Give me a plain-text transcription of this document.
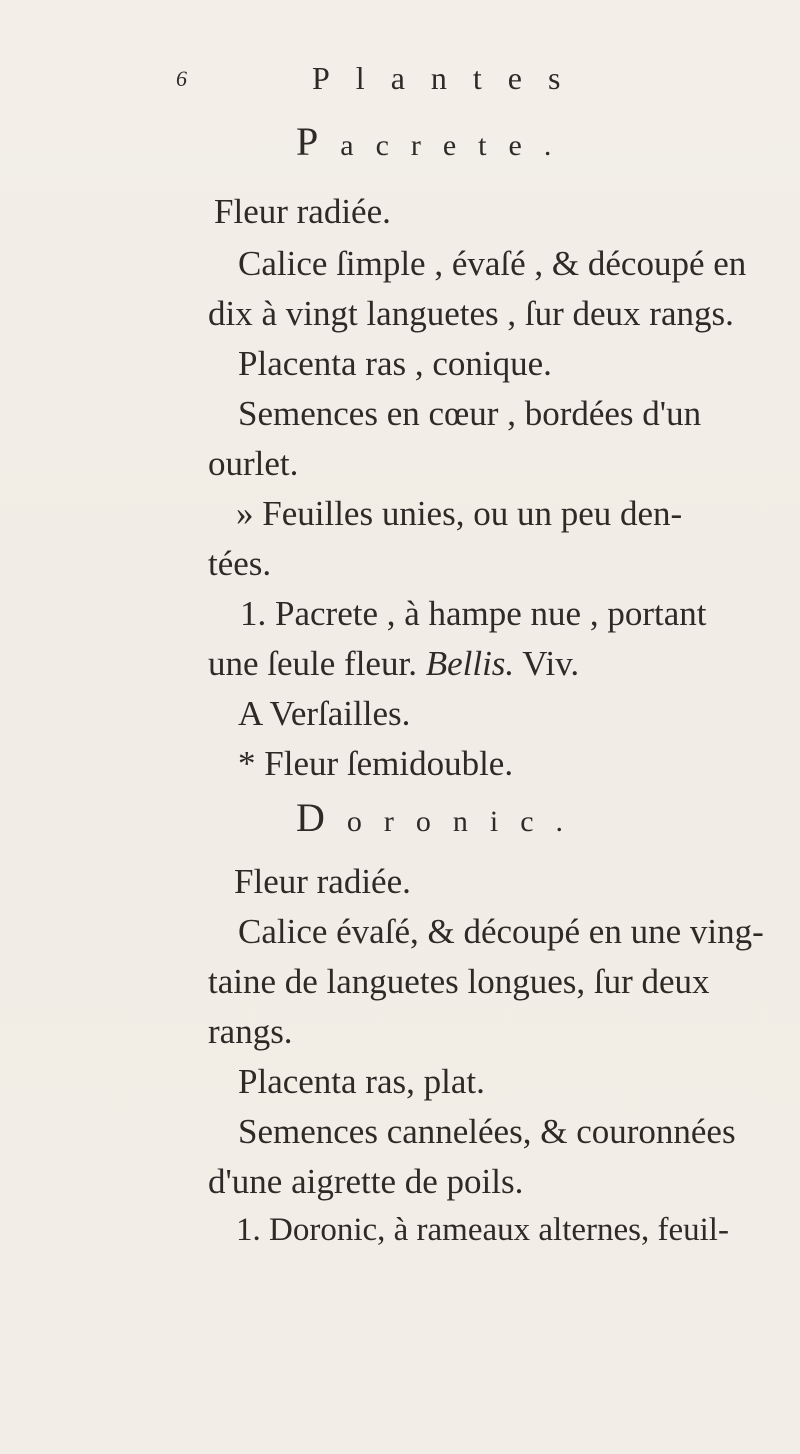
6	Plantes
Pacrete.
Fleur radiée.
Calice ſimple , évaſé , & découpé en
dix à vingt languetes , ſur deux rangs.
Placenta ras , conique.
Semences en cœur , bordées d'un
ourlet.
» Feuilles unies, ou un peu den-
tées.
1. Pacrete , à hampe nue , portant
une ſeule fleur. Bellis. Viv.
A Verſailles.
* Fleur ſemidouble.
Doronic.
Fleur radiée.
Calice évaſé, & découpé en une ving-
taine de languetes longues, ſur deux
rangs.
Placenta ras, plat.
Semences cannelées, & couronnées
d'une aigrette de poils.
1. Doronic, à rameaux alternes, feuil-
